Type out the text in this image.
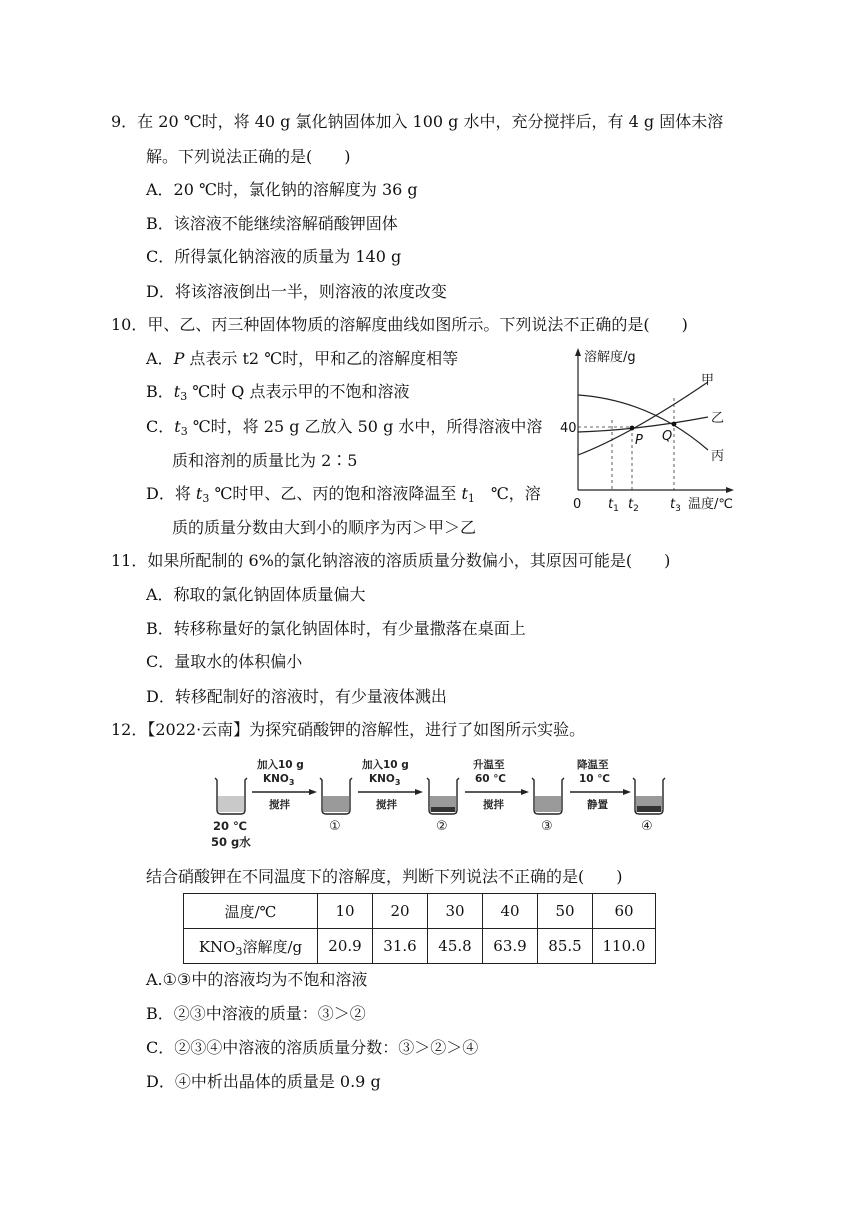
9．在 20 ℃时，将 40 g 氯化钠固体加入 100 g 水中，充分搅拌后，有 4 g 固体未溶
解。下列说法正确的是(　　)
A．20 ℃时，氯化钠的溶解度为 36 g
B．该溶液不能继续溶解硝酸钾固体
C．所得氯化钠溶液的质量为 140 g
D．将该溶液倒出一半，则溶液的浓度改变
10．甲、乙、丙三种固体物质的溶解度曲线如图所示。下列说法不正确的是(　　)
A．P 点表示 t2 ℃时，甲和乙的溶解度相等
B．$t_3$ ℃时 Q 点表示甲的不饱和溶液
C．$t_3$ ℃时，将 25 g 乙放入 50 g 水中，所得溶液中溶
质和溶剂的质量比为 2∶5
D．将 $t_3$ ℃时甲、乙、丙的饱和溶液降温至 $t_1$　℃，溶
质的质量分数由大到小的顺序为丙＞甲＞乙
溶解度/g
温度/℃
40
0 $t_1$ $t_2$ $t_3$
P Q
甲
乙
丙
11．如果所配制的 6%的氯化钠溶液的溶质质量分数偏小，其原因可能是(　　)
A．称取的氯化钠固体质量偏大
B．转移称量好的氯化钠固体时，有少量撒落在桌面上
C．量取水的体积偏小
D．转移配制好的溶液时，有少量液体溅出
12．【2022·云南】为探究硝酸钾的溶解性，进行了如图所示实验。
20 ℃
50 g水
加入10 g
$KNO_3$
搅拌
①
加入10 g
$KNO_3$
搅拌
②
升温至
60 ℃
搅拌
③
降温至
10 ℃
静置
④
结合硝酸钾在不同温度下的溶解度，判断下列说法不正确的是(　　)
温度/℃	10	20	30	40	50	60
$KNO_3$溶解度/g	20.9	31.6	45.8	63.9	85.5	110.0
A.①③中的溶液均为不饱和溶液
B．②③中溶液的质量：③＞②
C．②③④中溶液的溶质质量分数：③＞②＞④
D．④中析出晶体的质量是 0.9 g
